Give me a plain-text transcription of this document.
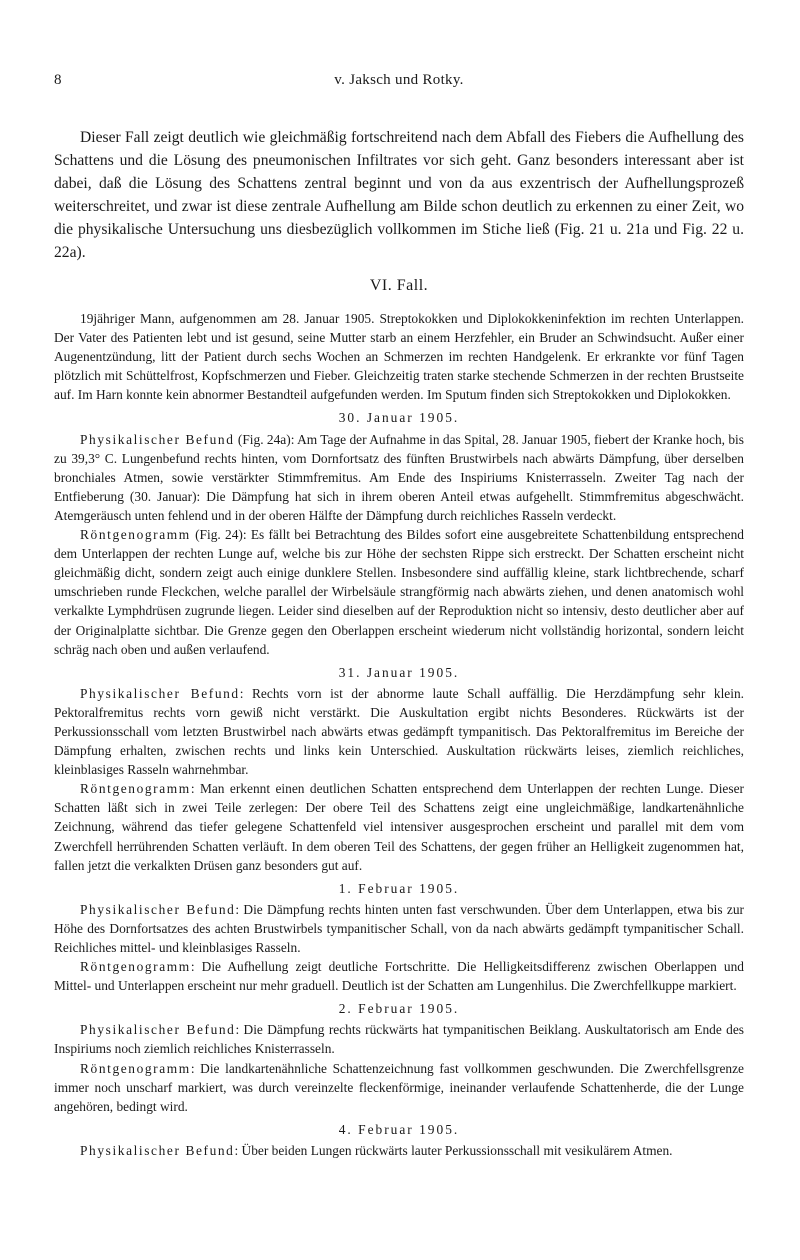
8	v. Jaksch und Rotky.
Dieser Fall zeigt deutlich wie gleichmäßig fortschreitend nach dem Abfall des Fiebers die Aufhellung des Schattens und die Lösung des pneumonischen Infiltrates vor sich geht. Ganz besonders interessant aber ist dabei, daß die Lösung des Schattens zentral beginnt und von da aus exzentrisch der Aufhellungsprozeß weiterschreitet, und zwar ist diese zentrale Aufhellung am Bilde schon deutlich zu erkennen zu einer Zeit, wo die physikalische Untersuchung uns diesbezüglich vollkommen im Stiche ließ (Fig. 21 u. 21a und Fig. 22 u. 22a).
VI. Fall.

19jähriger Mann, aufgenommen am 28. Januar 1905. Streptokokken und Diplokokkeninfektion im rechten Unterlappen. Der Vater des Patienten lebt und ist gesund, seine Mutter starb an einem Herzfehler, ein Bruder an Schwindsucht. Außer einer Augenentzündung, litt der Patient durch sechs Wochen an Schmerzen im rechten Handgelenk. Er erkrankte vor fünf Tagen plötzlich mit Schüttelfrost, Kopfschmerzen und Fieber. Gleichzeitig traten starke stechende Schmerzen in der rechten Brustseite auf. Im Harn konnte kein abnormer Bestandteil aufgefunden werden. Im Sputum finden sich Streptokokken und Diplokokken.

30. Januar 1905.

Physikalischer Befund (Fig. 24a): Am Tage der Aufnahme in das Spital, 28. Januar 1905, fiebert der Kranke hoch, bis zu 39,3° C. Lungenbefund rechts hinten, vom Dornfortsatz des fünften Brustwirbels nach abwärts Dämpfung, über derselben bronchiales Atmen, sowie verstärkter Stimmfremitus. Am Ende des Inspiriums Knisterrasseln. Zweiter Tag nach der Entfieberung (30. Januar): Die Dämpfung hat sich in ihrem oberen Anteil etwas aufgehellt. Stimmfremitus abgeschwächt. Atemgeräusch unten fehlend und in der oberen Hälfte der Dämpfung durch reichliches Rasseln verdeckt.

Röntgenogramm (Fig. 24): Es fällt bei Betrachtung des Bildes sofort eine ausgebreitete Schattenbildung entsprechend dem Unterlappen der rechten Lunge auf, welche bis zur Höhe der sechsten Rippe sich erstreckt. Der Schatten erscheint nicht gleichmäßig dicht, sondern zeigt auch einige dunklere Stellen. Insbesondere sind auffällig kleine, stark lichtbrechende, scharf umschrieben runde Fleckchen, welche parallel der Wirbelsäule strangförmig nach abwärts ziehen, und denen anatomisch wohl verkalkte Lymphdrüsen zugrunde liegen. Leider sind dieselben auf der Reproduktion nicht so intensiv, desto deutlicher aber auf der Originalplatte sichtbar. Die Grenze gegen den Oberlappen erscheint wiederum nicht vollständig horizontal, sondern leicht schräg nach oben und außen verlaufend.

31. Januar 1905.

Physikalischer Befund: Rechts vorn ist der abnorme laute Schall auffällig. Die Herzdämpfung sehr klein. Pektoralfremitus rechts vorn gewiß nicht verstärkt. Die Auskultation ergibt nichts Besonderes. Rückwärts ist der Perkussionsschall vom letzten Brustwirbel nach abwärts etwas gedämpft tympanitisch. Das Pektoralfremitus im Bereiche der Dämpfung erhalten, zwischen rechts und links kein Unterschied. Auskultation rückwärts leises, ziemlich reichliches, kleinblasiges Rasseln wahrnehmbar.

Röntgenogramm: Man erkennt einen deutlichen Schatten entsprechend dem Unterlappen der rechten Lunge. Dieser Schatten läßt sich in zwei Teile zerlegen: Der obere Teil des Schattens zeigt eine ungleichmäßige, landkartenähnliche Zeichnung, während das tiefer gelegene Schattenfeld viel intensiver ausgesprochen erscheint und parallel mit dem vom Zwerchfell herrührenden Schatten verläuft. In dem oberen Teil des Schattens, der gegen früher an Helligkeit zugenommen hat, fallen jetzt die verkalkten Drüsen ganz besonders gut auf.

1. Februar 1905.

Physikalischer Befund: Die Dämpfung rechts hinten unten fast verschwunden. Über dem Unterlappen, etwa bis zur Höhe des Dornfortsatzes des achten Brustwirbels tympanitischer Schall, von da nach abwärts gedämpft tympanitischer Schall. Reichliches mittel- und kleinblasiges Rasseln.

Röntgenogramm: Die Aufhellung zeigt deutliche Fortschritte. Die Helligkeitsdifferenz zwischen Oberlappen und Mittel- und Unterlappen erscheint nur mehr graduell. Deutlich ist der Schatten am Lungenhilus. Die Zwerchfellkuppe markiert.

2. Februar 1905.

Physikalischer Befund: Die Dämpfung rechts rückwärts hat tympanitischen Beiklang. Auskultatorisch am Ende des Inspiriums noch ziemlich reichliches Knisterrasseln.

Röntgenogramm: Die landkartenähnliche Schattenzeichnung fast vollkommen geschwunden. Die Zwerchfellsgrenze immer noch unscharf markiert, was durch vereinzelte fleckenförmige, ineinander verlaufende Schattenherde, die der Lunge angehören, bedingt wird.

4. Februar 1905.

Physikalischer Befund: Über beiden Lungen rückwärts lauter Perkussionsschall mit vesikulärem Atmen.
